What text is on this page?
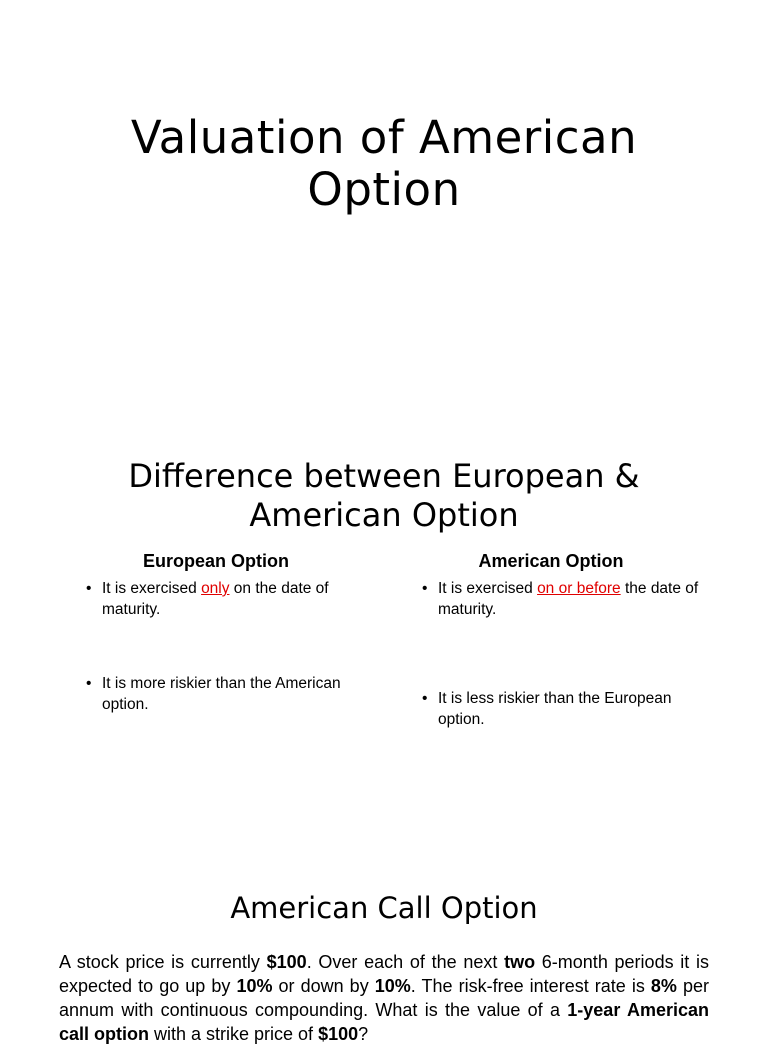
Valuation of American
Option
Difference between European &
American Option
European Option	American Option
• It is exercised only on the date of maturity.
• It is more riskier than the American option.
• It is exercised on or before the date of maturity.
• It is less riskier than the European option.
American Call Option

A stock price is currently $100. Over each of the next two 6-month periods it is expected to go up by 10% or down by 10%. The risk-free interest rate is 8% per annum with continuous compounding. What is the value of a 1-year American call option with a strike price of $100?
